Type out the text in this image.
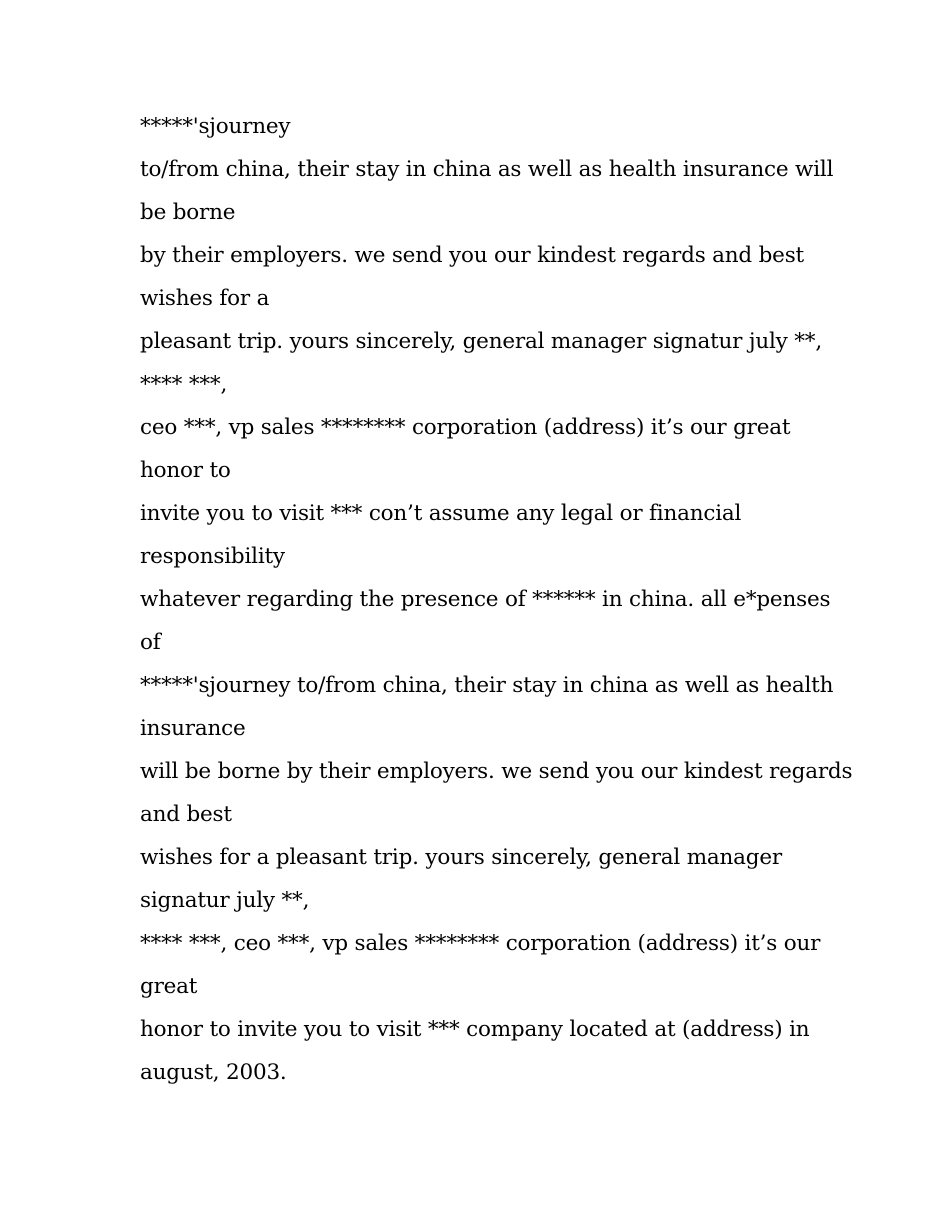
*****'sjourney
to/from china, their stay in china as well as health insurance will
be borne
by their employers. we send you our kindest regards and best
wishes for a
pleasant trip. yours sincerely, general manager signatur july **,
**** ***,
ceo ***, vp sales ******** corporation (address) it’s our great
honor to
invite you to visit *** con’t assume any legal or financial
responsibility
whatever regarding the presence of ****** in china. all e*penses
of
*****'sjourney to/from china, their stay in china as well as health
insurance
will be borne by their employers. we send you our kindest regards
and best
wishes for a pleasant trip. yours sincerely, general manager
signatur july **,
**** ***, ceo ***, vp sales ******** corporation (address) it’s our
great
honor to invite you to visit *** company located at (address) in
august, 2003.
